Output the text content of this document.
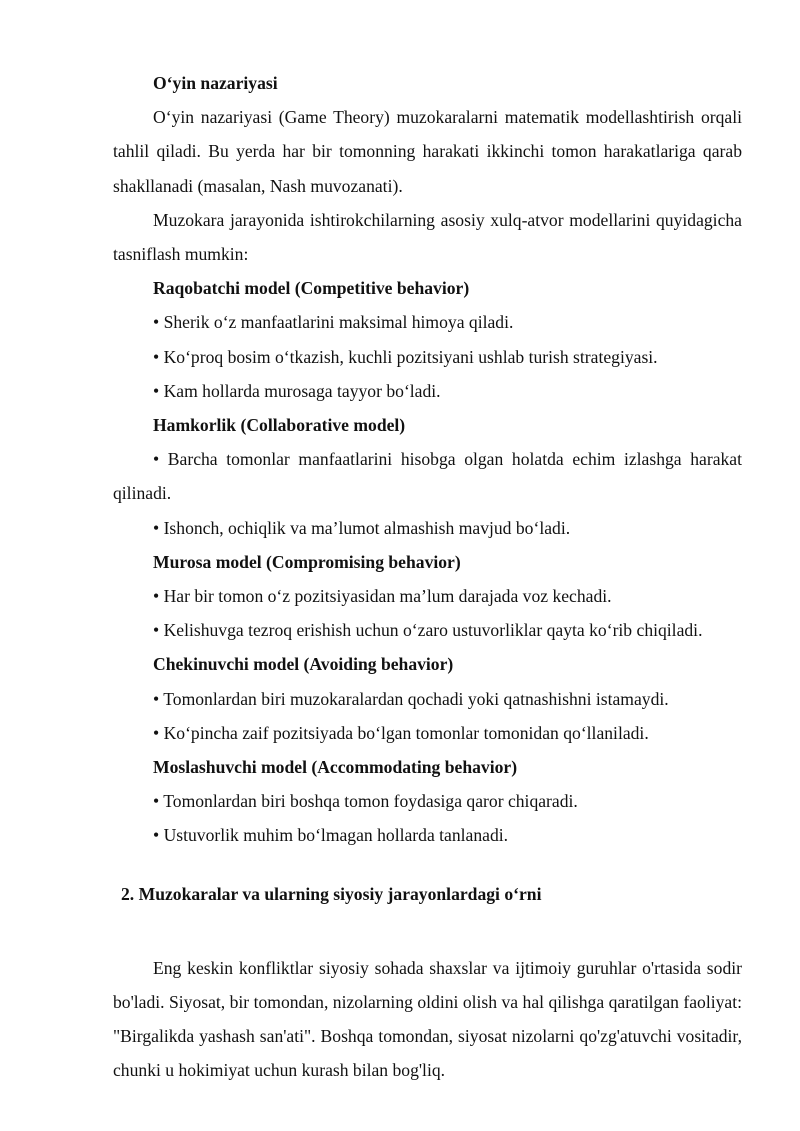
O‘yin nazariyasi

O‘yin nazariyasi (Game Theory) muzokaralarni matematik modellashtirish orqali tahlil qiladi. Bu yerda har bir tomonning harakati ikkinchi tomon harakatlariga qarab shakllanadi (masalan, Nash muvozanati).

Muzokara jarayonida ishtirokchilarning asosiy xulq-atvor modellarini quyidagicha tasniflash mumkin:

Raqobatchi model (Competitive behavior)

• Sherik o‘z manfaatlarini maksimal himoya qiladi.

• Ko‘proq bosim o‘tkazish, kuchli pozitsiyani ushlab turish strategiyasi.

• Kam hollarda murosaga tayyor bo‘ladi.

Hamkorlik (Collaborative model)

• Barcha tomonlar manfaatlarini hisobga olgan holatda echim izlashga harakat qilinadi.

• Ishonch, ochiqlik va ma’lumot almashish mavjud bo‘ladi.

Murosa model (Compromising behavior)

• Har bir tomon o‘z pozitsiyasidan ma’lum darajada voz kechadi.

• Kelishuvga tezroq erishish uchun o‘zaro ustuvorliklar qayta ko‘rib chiqiladi.

Chekinuvchi model (Avoiding behavior)

• Tomonlardan biri muzokaralardan qochadi yoki qatnashishni istamaydi.

• Ko‘pincha zaif pozitsiyada bo‘lgan tomonlar tomonidan qo‘llaniladi.

Moslashuvchi model (Accommodating behavior)

• Tomonlardan biri boshqa tomon foydasiga qaror chiqaradi.

• Ustuvorlik muhim bo‘lmagan hollarda tanlanadi.

2. Muzokaralar va ularning siyosiy jarayonlardagi o‘rni

Eng keskin konfliktlar siyosiy sohada shaxslar va ijtimoiy guruhlar o'rtasida sodir bo'ladi. Siyosat, bir tomondan, nizolarning oldini olish va hal qilishga qaratilgan faoliyat: "Birgalikda yashash san'ati". Boshqa tomondan, siyosat nizolarni qo'zg'atuvchi vositadir, chunki u hokimiyat uchun kurash bilan bog'liq.
